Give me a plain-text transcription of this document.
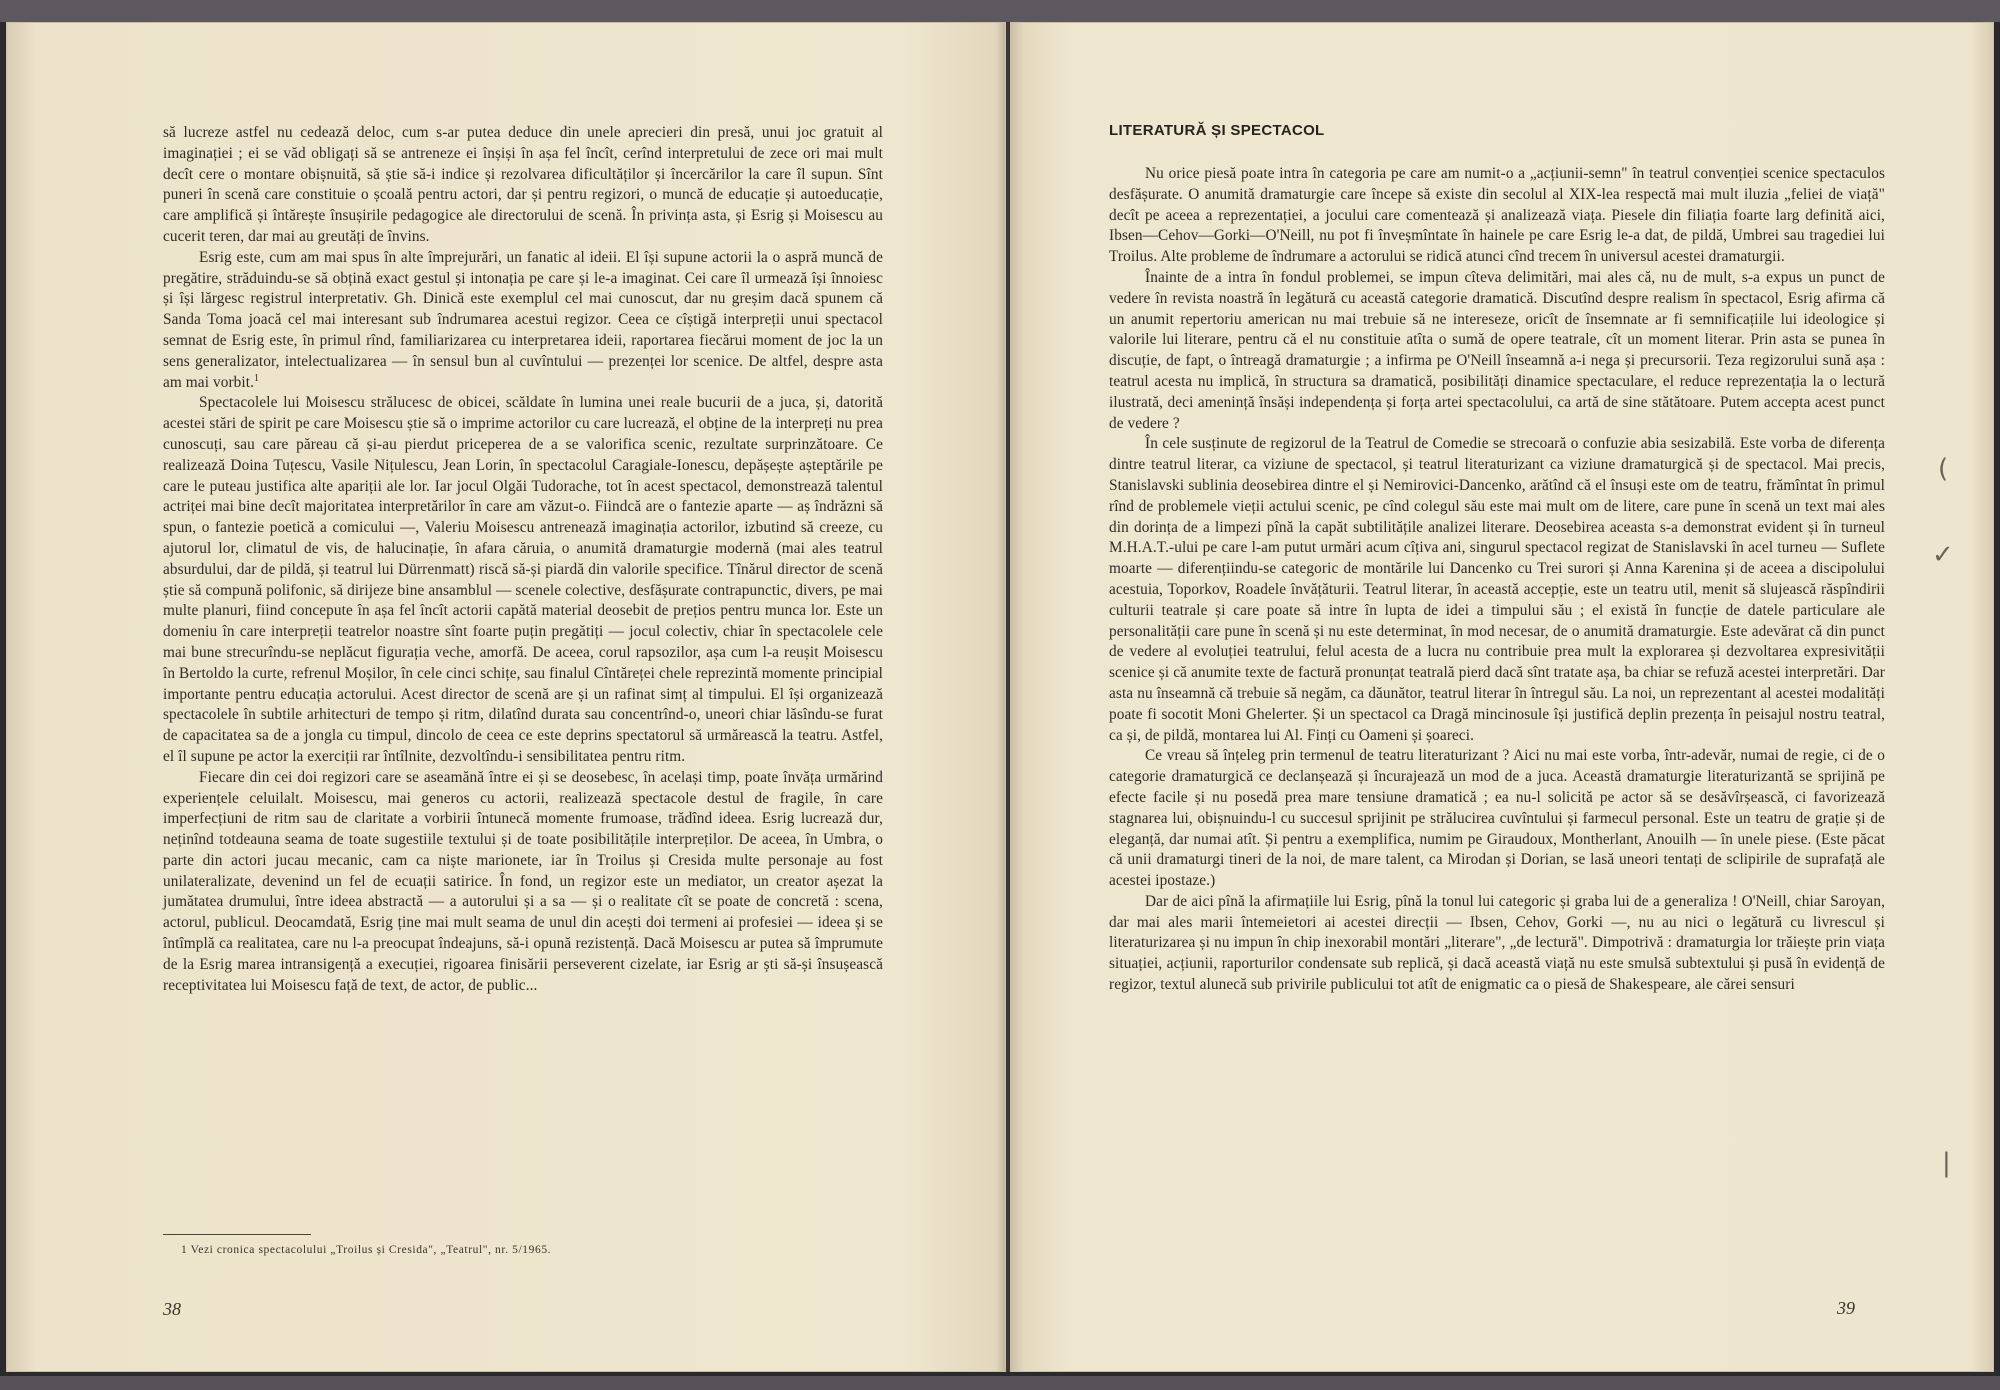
să lucreze astfel nu cedează deloc, cum s-ar putea deduce din unele aprecieri din presă, unui joc gratuit al imaginației ; ei se văd obligați să se antreneze ei înșiși în așa fel încît, cerînd interpretului de zece ori mai mult decît cere o montare obișnuită, să știe să-i indice și rezolvarea dificultăților și încercărilor la care îl supun. Sînt puneri în scenă care constituie o școală pentru actori, dar și pentru regizori, o muncă de educație și autoeducație, care amplifică și întărește însușirile pedagogice ale directorului de scenă. În privința asta, și Esrig și Moisescu au cucerit teren, dar mai au greutăți de învins.

Esrig este, cum am mai spus în alte împrejurări, un fanatic al ideii. El își supune actorii la o aspră muncă de pregătire, străduindu-se să obțină exact gestul și intonația pe care și le-a imaginat. Cei care îl urmează își înnoiesc și își lărgesc registrul interpretativ. Gh. Dinică este exemplul cel mai cunoscut, dar nu greșim dacă spunem că Sanda Toma joacă cel mai interesant sub îndrumarea acestui regizor. Ceea ce cîștigă interpreții unui spectacol semnat de Esrig este, în primul rînd, familiarizarea cu interpretarea ideii, raportarea fiecărui moment de joc la un sens generalizator, intelectualizarea — în sensul bun al cuvîntului — prezenței lor scenice. De altfel, despre asta am mai vorbit.$^1$

Spectacolele lui Moisescu strălucesc de obicei, scăldate în lumina unei reale bucurii de a juca, și, datorită acestei stări de spirit pe care Moisescu știe să o imprime actorilor cu care lucrează, el obține de la interpreți nu prea cunoscuți, sau care păreau că și-au pierdut priceperea de a se valorifica scenic, rezultate surprinzătoare. Ce realizează Doina Tuțescu, Vasile Nițulescu, Jean Lorin, în spectacolul Caragiale-Ionescu, depășește așteptările pe care le puteau justifica alte apariții ale lor. Iar jocul Olgăi Tudorache, tot în acest spectacol, demonstrează talentul actriței mai bine decît majoritatea interpretărilor în care am văzut-o. Fiindcă are o fantezie aparte — aș îndrăzni să spun, o fantezie poetică a comicului —, Valeriu Moisescu antrenează imaginația actorilor, izbutind să creeze, cu ajutorul lor, climatul de vis, de halucinație, în afara căruia, o anumită dramaturgie modernă (mai ales teatrul absurdului, dar de pildă, și teatrul lui Dürrenmatt) riscă să-și piardă din valorile specifice. Tînărul director de scenă știe să compună polifonic, să dirijeze bine ansamblul — scenele colective, desfășurate contrapunctic, divers, pe mai multe planuri, fiind concepute în așa fel încît actorii capătă material deosebit de prețios pentru munca lor. Este un domeniu în care interpreții teatrelor noastre sînt foarte puțin pregătiți — jocul colectiv, chiar în spectacolele cele mai bune strecurîndu-se neplăcut figurația veche, amorfă. De aceea, corul rapsozilor, așa cum l-a reușit Moisescu în Bertoldo la curte, refrenul Moșilor, în cele cinci schițe, sau finalul Cîntăreței chele reprezintă momente principial importante pentru educația actorului. Acest director de scenă are și un rafinat simț al timpului. El își organizează spectacolele în subtile arhitecturi de tempo și ritm, dilatînd durata sau concentrînd-o, uneori chiar lăsîndu-se furat de capacitatea sa de a jongla cu timpul, dincolo de ceea ce este deprins spectatorul să urmărească la teatru. Astfel, el îl supune pe actor la exerciții rar întîlnite, dezvoltîndu-i sensibilitatea pentru ritm.

Fiecare din cei doi regizori care se aseamănă între ei și se deosebesc, în același timp, poate învăța urmărind experiențele celuilalt. Moisescu, mai generos cu actorii, realizează spectacole destul de fragile, în care imperfecțiuni de ritm sau de claritate a vorbirii întunecă momente frumoase, trădînd ideea. Esrig lucrează dur, neținînd totdeauna seama de toate sugestiile textului și de toate posibilitățile interpreților. De aceea, în Umbra, o parte din actori jucau mecanic, cam ca niște marionete, iar în Troilus și Cresida multe personaje au fost unilateralizate, devenind un fel de ecuații satirice. În fond, un regizor este un mediator, un creator așezat la jumătatea drumului, între ideea abstractă — a autorului și a sa — și o realitate cît se poate de concretă : scena, actorul, publicul. Deocamdată, Esrig ține mai mult seama de unul din acești doi termeni ai profesiei — ideea și se întîmplă ca realitatea, care nu l-a preocupat îndeajuns, să-i opună rezistență. Dacă Moisescu ar putea să împrumute de la Esrig marea intransigență a execuției, rigoarea finisării perseverent cizelate, iar Esrig ar ști să-și însușească receptivitatea lui Moisescu față de text, de actor, de public...

1 Vezi cronica spectacolului „Troilus și Cresida", „Teatrul", nr. 5/1965.
38
LITERATURĂ ȘI SPECTACOL

Nu orice piesă poate intra în categoria pe care am numit-o a „acțiunii-semn" în teatrul convenției scenice spectaculos desfășurate. O anumită dramaturgie care începe să existe din secolul al XIX-lea respectă mai mult iluzia „feliei de viață" decît pe aceea a reprezentației, a jocului care comentează și analizează viața. Piesele din filiația foarte larg definită aici, Ibsen—Cehov—Gorki—O'Neill, nu pot fi înveșmîntate în hainele pe care Esrig le-a dat, de pildă, Umbrei sau tragediei lui Troilus. Alte probleme de îndrumare a actorului se ridică atunci cînd trecem în universul acestei dramaturgii.

Înainte de a intra în fondul problemei, se impun cîteva delimitări, mai ales că, nu de mult, s-a expus un punct de vedere în revista noastră în legătură cu această categorie dramatică. Discutînd despre realism în spectacol, Esrig afirma că un anumit repertoriu american nu mai trebuie să ne intereseze, oricît de însemnate ar fi semnificațiile lui ideologice și valorile lui literare, pentru că el nu constituie atîta o sumă de opere teatrale, cît un moment literar. Prin asta se punea în discuție, de fapt, o întreagă dramaturgie ; a infirma pe O'Neill înseamnă a-i nega și precursorii. Teza regizorului sună așa : teatrul acesta nu implică, în structura sa dramatică, posibilități dinamice spectaculare, el reduce reprezentația la o lectură ilustrată, deci amenință însăși independența și forța artei spectacolului, ca artă de sine stătătoare. Putem accepta acest punct de vedere ?

În cele susținute de regizorul de la Teatrul de Comedie se strecoară o confuzie abia sesizabilă. Este vorba de diferența dintre teatrul literar, ca viziune de spectacol, și teatrul literaturizant ca viziune dramaturgică și de spectacol. Mai precis, Stanislavski sublinia deosebirea dintre el și Nemirovici-Dancenko, arătînd că el însuși este om de teatru, frămîntat în primul rînd de problemele vieții actului scenic, pe cînd colegul său este mai mult om de litere, care pune în scenă un text mai ales din dorința de a limpezi pînă la capăt subtilitățile analizei literare. Deosebirea aceasta s-a demonstrat evident și în turneul M.H.A.T.-ului pe care l-am putut urmări acum cîțiva ani, singurul spectacol regizat de Stanislavski în acel turneu — Suflete moarte — diferențiindu-se categoric de montările lui Dancenko cu Trei surori și Anna Karenina și de aceea a discipolului acestuia, Toporkov, Roadele învățăturii. Teatrul literar, în această accepție, este un teatru util, menit să slujească răspîndirii culturii teatrale și care poate să intre în lupta de idei a timpului său ; el există în funcție de datele particulare ale personalității care pune în scenă și nu este determinat, în mod necesar, de o anumită dramaturgie. Este adevărat că din punct de vedere al evoluției teatrului, felul acesta de a lucra nu contribuie prea mult la explorarea și dezvoltarea expresivității scenice și că anumite texte de factură pronunțat teatrală pierd dacă sînt tratate așa, ba chiar se refuză acestei interpretări. Dar asta nu înseamnă că trebuie să negăm, ca dăunător, teatrul literar în întregul său. La noi, un reprezentant al acestei modalități poate fi socotit Moni Ghelerter. Și un spectacol ca Dragă mincinosule își justifică deplin prezența în peisajul nostru teatral, ca și, de pildă, montarea lui Al. Finți cu Oameni și șoareci.

Ce vreau să înțeleg prin termenul de teatru literaturizant ? Aici nu mai este vorba, într-adevăr, numai de regie, ci de o categorie dramaturgică ce declanșează și încurajează un mod de a juca. Această dramaturgie literaturizantă se sprijină pe efecte facile și nu posedă prea mare tensiune dramatică ; ea nu-l solicită pe actor să se desăvîrșească, ci favorizează stagnarea lui, obișnuindu-l cu succesul sprijinit pe strălucirea cuvîntului și farmecul personal. Este un teatru de grație și de eleganță, dar numai atît. Și pentru a exemplifica, numim pe Giraudoux, Montherlant, Anouilh — în unele piese. (Este păcat că unii dramaturgi tineri de la noi, de mare talent, ca Mirodan și Dorian, se lasă uneori tentați de sclipirile de suprafață ale acestei ipostaze.)

Dar de aici pînă la afirmațiile lui Esrig, pînă la tonul lui categoric și graba lui de a generaliza ! O'Neill, chiar Saroyan, dar mai ales marii întemeietori ai acestei direcții — Ibsen, Cehov, Gorki —, nu au nici o legătură cu livrescul și literaturizarea și nu impun în chip inexorabil montări „literare", „de lectură". Dimpotrivă : dramaturgia lor trăiește prin viața situației, acțiunii, raporturilor condensate sub replică, și dacă această viață nu este smulsă subtextului și pusă în evidență de regizor, textul alunecă sub privirile publicului tot atît de enigmatic ca o piesă de Shakespeare, ale cărei sensuri

(
✓
|
39
